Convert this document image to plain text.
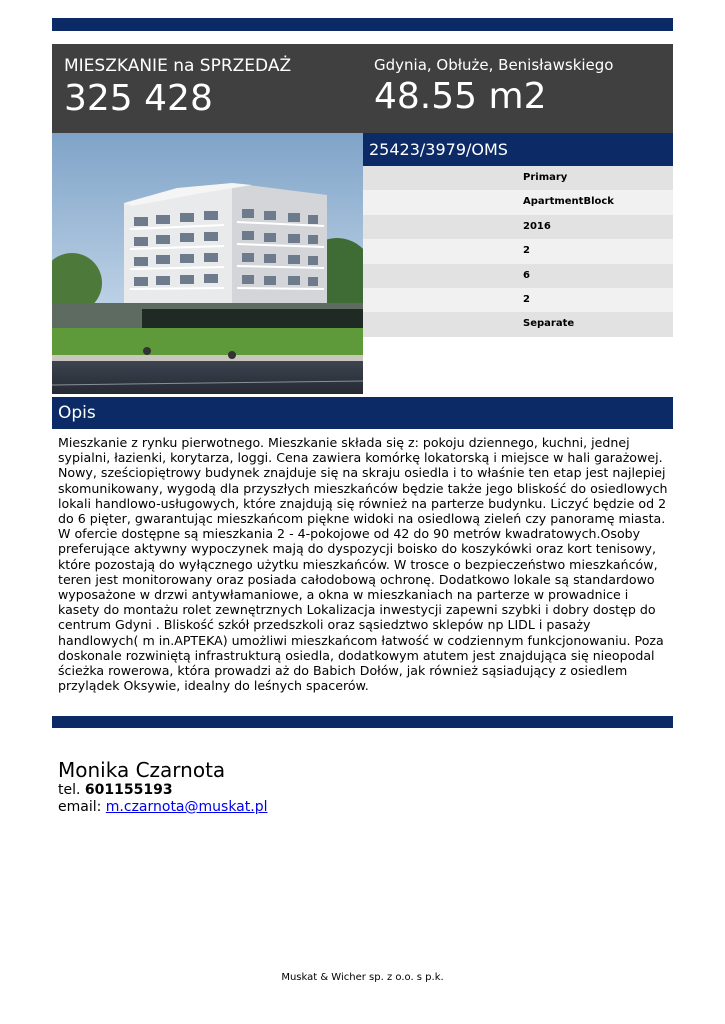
MIESZKANIE na SPRZEDAŻ
325 428
Gdynia, Obłuże, Benisławskiego
48.55 m2
25423/3979/OMS
Primary
ApartmentBlock
2016
2
6
2
Separate
Opis
Mieszkanie z rynku pierwotnego. Mieszkanie składa się z: pokoju dziennego, kuchni, jednej sypialni, łazienki, korytarza, loggi. Cena zawiera komórkę lokatorską i miejsce w hali garażowej.
Nowy, sześciopiętrowy budynek znajduje się na skraju osiedla i to właśnie ten etap jest najlepiej skomunikowany, wygodą dla przyszłych mieszkańców będzie także jego bliskość do osiedlowych lokali handlowo-usługowych, które znajdują się również na parterze budynku. Liczyć będzie od 2 do 6 pięter, gwarantując mieszkańcom piękne widoki na osiedlową zieleń czy panoramę miasta.
W ofercie dostępne są mieszkania 2 - 4-pokojowe od 42 do 90 metrów kwadratowych.Osoby preferujące aktywny wypoczynek mają do dyspozycji boisko do koszykówki oraz kort tenisowy, które pozostają do wyłącznego użytku mieszkańców. W trosce o bezpieczeństwo mieszkańców, teren jest monitorowany oraz posiada całodobową ochronę. Dodatkowo lokale są standardowo wyposażone w drzwi antywłamaniowe, a okna w mieszkaniach na parterze w prowadnice i kasety do montażu rolet zewnętrznych Lokalizacja inwestycji zapewni szybki i dobry dostęp do centrum Gdyni . Bliskość szkół przedszkoli oraz sąsiedztwo sklepów np LIDL i pasaży handlowych( m in.APTEKA) umożliwi mieszkańcom łatwość w codziennym funkcjonowaniu. Poza doskonale rozwiniętą infrastrukturą osiedla, dodatkowym atutem jest znajdująca się nieopodal ścieżka rowerowa, która prowadzi aż do Babich Dołów, jak również sąsiadujący z osiedlem przylądek Oksywie, idealny do leśnych spacerów.
Monika Czarnota
tel. 601155193
email: m.czarnota@muskat.pl
Muskat & Wicher sp. z o.o. s p.k.
